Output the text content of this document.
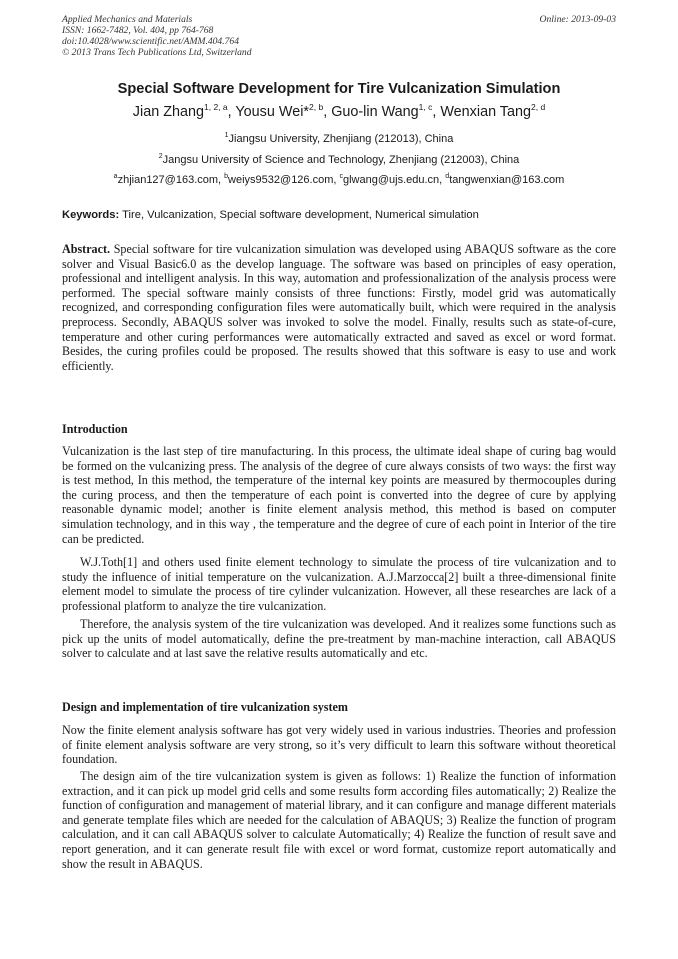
Applied Mechanics and Materials
ISSN: 1662-7482, Vol. 404, pp 764-768
doi:10.4028/www.scientific.net/AMM.404.764
© 2013 Trans Tech Publications Ltd, Switzerland
Online: 2013-09-03
Special Software Development for Tire Vulcanization Simulation
Jian Zhang$^{1, 2, a}$, Yousu Wei*$^{2, b}$, Guo-lin Wang$^{1, c}$, Wenxian Tang$^{2, d}$
$^1$Jiangsu University, Zhenjiang (212013), China
$^2$Jangsu University of Science and Technology, Zhenjiang (212003), China
$^a$zhjian127@163.com, $^b$weiys9532@126.com, $^c$glwang@ujs.edu.cn, $^d$tangwenxian@163.com
Keywords: Tire, Vulcanization, Special software development, Numerical simulation

Abstract. Special software for tire vulcanization simulation was developed using ABAQUS software as the core solver and Visual Basic6.0 as the develop language. The software was based on principles of easy operation, professional and intelligent analysis. In this way, automation and professionalization of the analysis process were performed. The special software mainly consists of three functions: Firstly, model grid was automatically recognized, and corresponding configuration files were automatically built, which were required in the analysis preprocess. Secondly, ABAQUS solver was invoked to solve the model. Finally, results such as state-of-cure, temperature and other curing performances were automatically extracted and saved as excel or word format. Besides, the curing profiles could be proposed. The results showed that this software is easy to use and work efficiently.

Introduction

Vulcanization is the last step of tire manufacturing. In this process, the ultimate ideal shape of curing bag would be formed on the vulcanizing press. The analysis of the degree of cure always consists of two ways: the first way is test method, In this method, the temperature of the internal key points are measured by thermocouples during the curing process, and then the temperature of each point is converted into the degree of cure by applying reasonable dynamic model; another is finite element analysis method, this method is based on computer simulation technology, and in this way , the temperature and the degree of cure of each point in Interior of the tire can be predicted.

W.J.Toth[1] and others used finite element technology to simulate the process of tire vulcanization and to study the influence of initial temperature on the vulcanization. A.J.Marzocca[2] built a three-dimensional finite element model to simulate the process of tire cylinder vulcanization. However, all these researches are lack of a professional platform to analyze the tire vulcanization.

Therefore, the analysis system of the tire vulcanization was developed. And it realizes some functions such as pick up the units of model automatically, define the pre-treatment by man-machine interaction, call ABAQUS solver to calculate and at last save the relative results automatically and etc.

Design and implementation of tire vulcanization system

Now the finite element analysis software has got very widely used in various industries. Theories and profession of finite element analysis software are very strong, so it’s very difficult to learn this software without theoretical foundation.

The design aim of the tire vulcanization system is given as follows: 1) Realize the function of information extraction, and it can pick up model grid cells and some results form according files automatically; 2) Realize the function of configuration and management of material library, and it can configure and manage different materials and generate template files which are needed for the calculation of ABAQUS; 3) Realize the function of program calculation, and it can call ABAQUS solver to calculate Automatically; 4) Realize the function of result save and report generation, and it can generate result file with excel or word format, customize report automatically and show the result in ABAQUS.
